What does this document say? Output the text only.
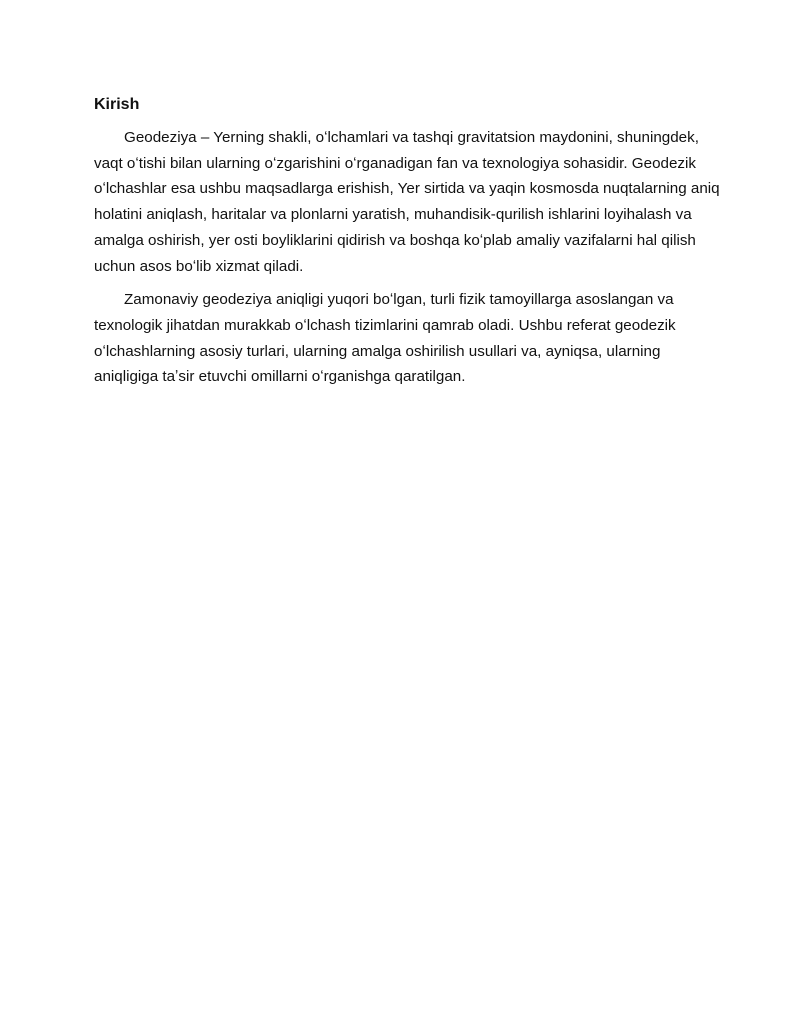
Kirish

Geodeziya – Yerning shakli, oʻlchamlari va tashqi gravitatsion maydonini, shuningdek, vaqt oʻtishi bilan ularning oʻzgarishini oʻrganadigan fan va texnologiya sohasidir. Geodezik oʻlchashlar esa ushbu maqsadlarga erishish, Yer sirtida va yaqin kosmosda nuqtalarning aniq holatini aniqlash, haritalar va plonlarni yaratish, muhandisik-qurilish ishlarini loyihalash va amalga oshirish, yer osti boyliklarini qidirish va boshqa koʻplab amaliy vazifalarni hal qilish uchun asos boʻlib xizmat qiladi.

Zamonaviy geodeziya aniqligi yuqori boʻlgan, turli fizik tamoyillarga asoslangan va texnologik jihatdan murakkab oʻlchash tizimlarini qamrab oladi. Ushbu referat geodezik oʻlchashlarning asosiy turlari, ularning amalga oshirilish usullari va, ayniqsa, ularning aniqligiga taʼsir etuvchi omillarni oʻrganishga qaratilgan.
